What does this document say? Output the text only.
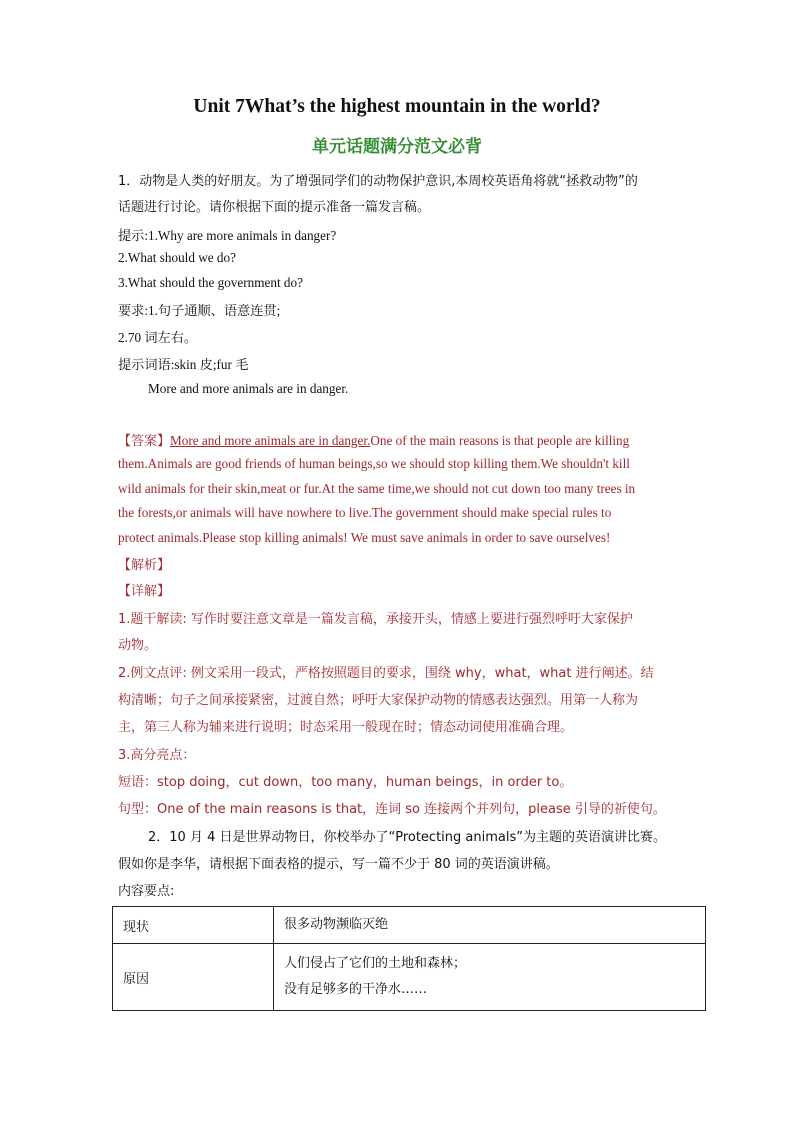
Unit 7What’s the highest mountain in the world?
单元话题满分范文必背
1．动物是人类的好朋友。为了增强同学们的动物保护意识,本周校英语角将就“拯救动物”的
话题进行讨论。请你根据下面的提示准备一篇发言稿。
提示:1.Why are more animals in danger?
2.What should we do?
3.What should the government do?
要求:1.句子通顺、语意连贯;
2.70 词左右。
提示词语:skin 皮;fur 毛
More and more animals are in danger.
【答案】More and more animals are in danger.One of the main reasons is that people are killing
them.Animals are good friends of human beings,so we should stop killing them.We shouldn't kill
wild animals for their skin,meat or fur.At the same time,we should not cut down too many trees in
the forests,or animals will have nowhere to live.The government should make special rules to
protect animals.Please stop killing animals! We must save animals in order to save ourselves!
【解析】
【详解】
1.题干解读: 写作时要注意文章是一篇发言稿，承接开头，情感上要进行强烈呼吁大家保护
动物。
2.例文点评: 例文采用一段式，严格按照题目的要求，围绕 why，what，what 进行阐述。结
构清晰；句子之间承接紧密，过渡自然；呼吁大家保护动物的情感表达强烈。用第一人称为
主，第三人称为辅来进行说明；时态采用一般现在时；情态动词使用准确合理。
3.高分亮点：
短语：stop doing，cut down，too many，human beings，in order to。
句型：One of the main reasons is that，连词 so 连接两个并列句，please 引导的祈使句。
2．10 月 4 日是世界动物日，你校举办了“Protecting animals”为主题的英语演讲比赛。
假如你是李华，请根据下面表格的提示，写一篇不少于 80 词的英语演讲稿。
内容要点:
现状	很多动物濒临灭绝

原因	人们侵占了它们的土地和森林；
没有足够多的干净水……
